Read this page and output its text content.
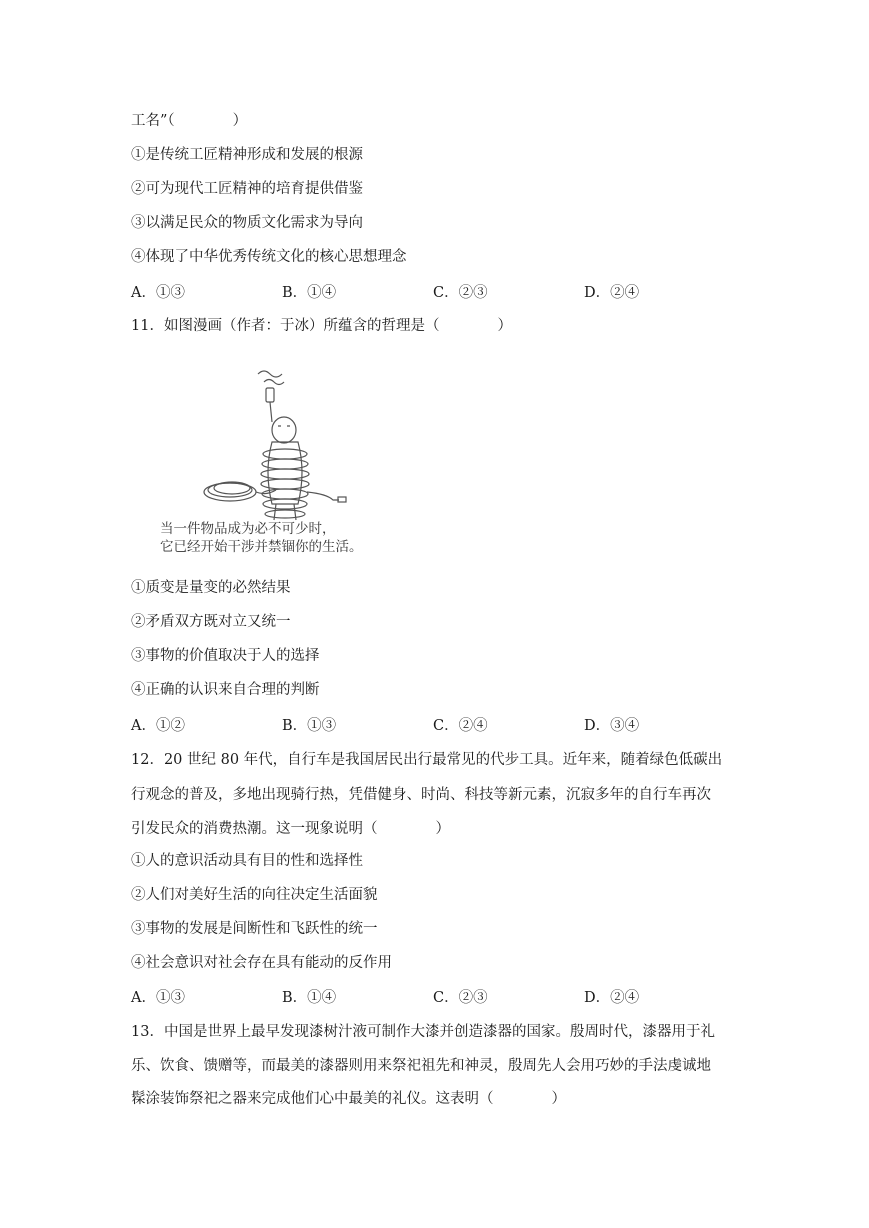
工名”（　　　　）
①是传统工匠精神形成和发展的根源
②可为现代工匠精神的培育提供借鉴
③以满足民众的物质文化需求为导向
④体现了中华优秀传统文化的核心思想理念
A．①③	B．①④	C．②③	D．②④
11．如图漫画（作者：于冰）所蕴含的哲理是（　　　　）
当一件物品成为必不可少时，
它已经开始干涉并禁锢你的生活。
①质变是量变的必然结果
②矛盾双方既对立又统一
③事物的价值取决于人的选择
④正确的认识来自合理的判断
A．①②	B．①③	C．②④	D．③④
12．20 世纪 80 年代，自行车是我国居民出行最常见的代步工具。近年来，随着绿色低碳出
行观念的普及，多地出现骑行热，凭借健身、时尚、科技等新元素，沉寂多年的自行车再次
引发民众的消费热潮。这一现象说明（　　　　）
①人的意识活动具有目的性和选择性
②人们对美好生活的向往决定生活面貌
③事物的发展是间断性和飞跃性的统一
④社会意识对社会存在具有能动的反作用
A．①③	B．①④	C．②③	D．②④
13．中国是世界上最早发现漆树汁液可制作大漆并创造漆器的国家。殷周时代，漆器用于礼
乐、饮食、馈赠等，而最美的漆器则用来祭祀祖先和神灵，殷周先人会用巧妙的手法虔诚地
髹涂装饰祭祀之器来完成他们心中最美的礼仪。这表明（　　　　）
